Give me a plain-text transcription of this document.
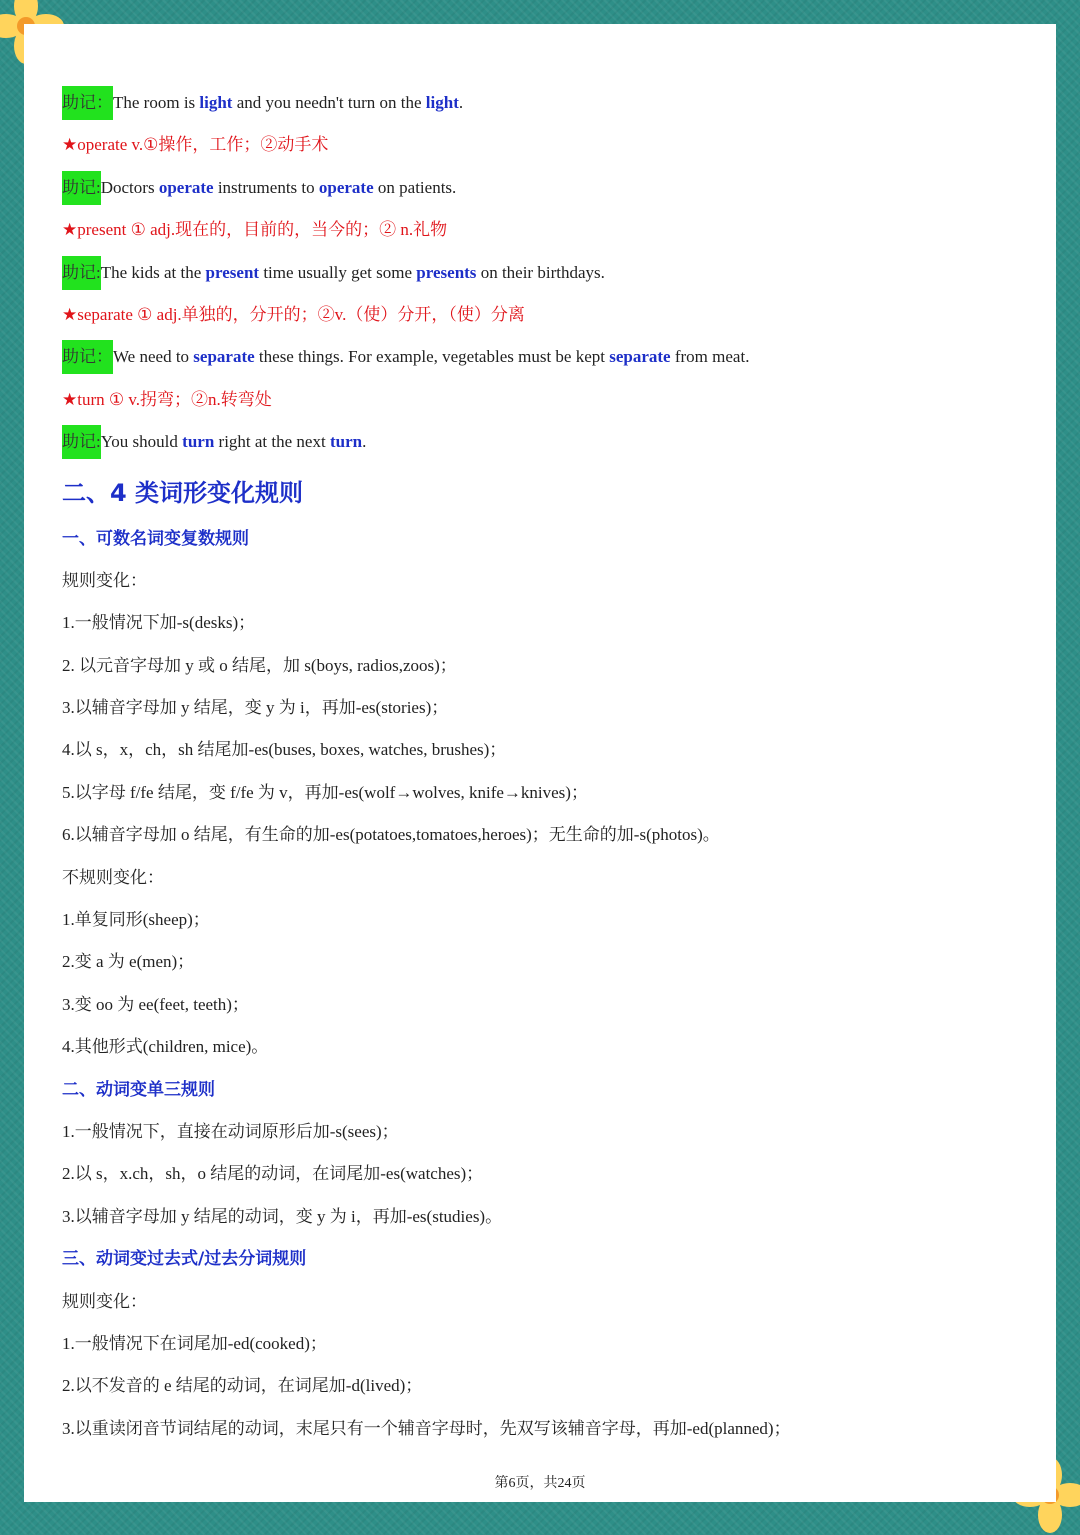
助记：The room is light and you needn't turn on the light.
★operate v.①操作，工作；②动手术
助记:Doctors operate instruments to operate on patients.
★present ① adj.现在的，目前的，当今的；② n.礼物
助记:The kids at the present time usually get some presents on their birthdays.
★separate ① adj.单独的，分开的；②v.（使）分开，（使）分离
助记：We need to separate these things. For example, vegetables must be kept separate from meat.
★turn ① v.拐弯；②n.转弯处
助记:You should turn right at the next turn.
二、4 类词形变化规则
一、可数名词变复数规则
规则变化：
1.一般情况下加-s(desks)；
2. 以元音字母加 y 或 o 结尾，加 s(boys, radios,zoos)；
3.以辅音字母加 y 结尾，变 y 为 i，再加-es(stories)；
4.以 s，x，ch，sh 结尾加-es(buses, boxes, watches, brushes)；
5.以字母 f/fe 结尾，变 f/fe 为 v，再加-es(wolf→wolves, knife→knives)；
6.以辅音字母加 o 结尾，有生命的加-es(potatoes,tomatoes,heroes)；无生命的加-s(photos)。
不规则变化：
1.单复同形(sheep)；
2.变 a 为 e(men)；
3.变 oo 为 ee(feet, teeth)；
4.其他形式(children, mice)。
二、动词变单三规则
1.一般情况下，直接在动词原形后加-s(sees)；
2.以 s，x.ch，sh，o 结尾的动词，在词尾加-es(watches)；
3.以辅音字母加 y 结尾的动词，变 y 为 i，再加-es(studies)。
三、动词变过去式/过去分词规则
规则变化：
1.一般情况下在词尾加-ed(cooked)；
2.以不发音的 e 结尾的动词，在词尾加-d(lived)；
3.以重读闭音节词结尾的动词，末尾只有一个辅音字母时，先双写该辅音字母，再加-ed(planned)；
第6页，共24页
